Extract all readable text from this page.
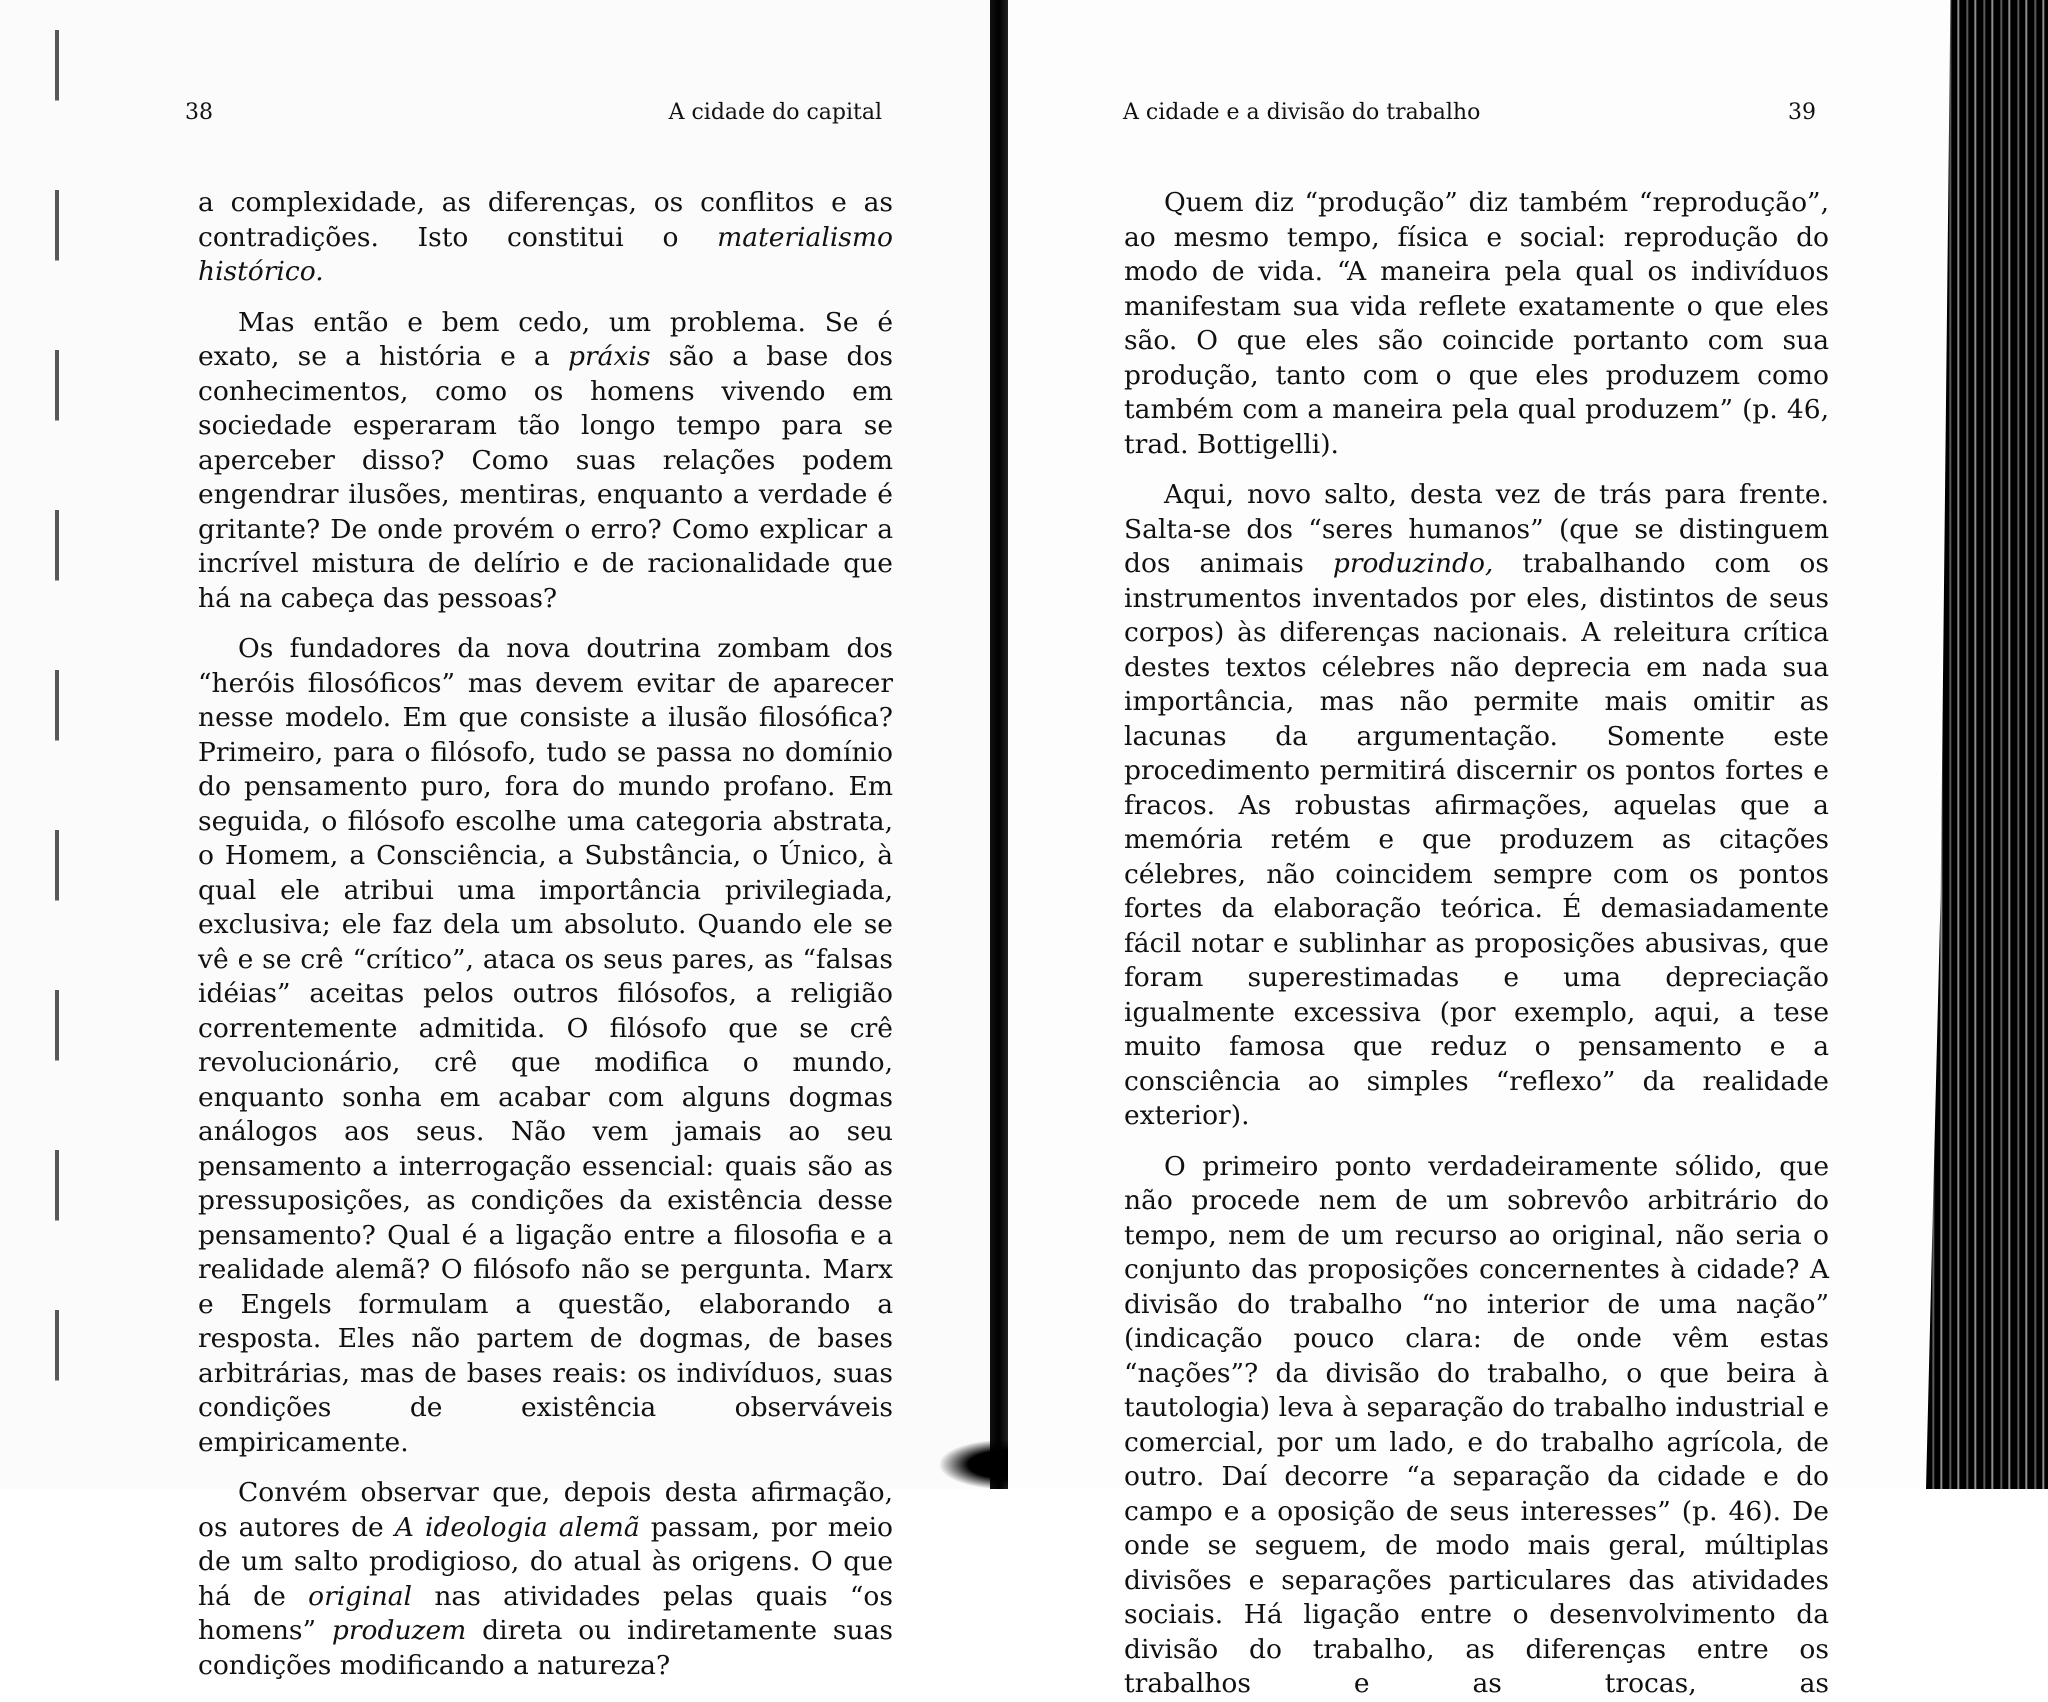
38	A cidade do capital

a complexidade, as diferenças, os conflitos e as contradições. Isto constitui o materialismo histórico.

Mas então e bem cedo, um problema. Se é exato, se a história e a práxis são a base dos conhecimentos, como os homens vivendo em sociedade esperaram tão longo tempo para se aperceber disso? Como suas relações podem engendrar ilusões, mentiras, enquanto a verdade é gritante? De onde provém o erro? Como explicar a incrível mistura de delírio e de racionalidade que há na cabeça das pessoas?

Os fundadores da nova doutrina zombam dos “heróis filosóficos” mas devem evitar de aparecer nesse modelo. Em que consiste a ilusão filosófica? Primeiro, para o filósofo, tudo se passa no domínio do pensamento puro, fora do mundo profano. Em seguida, o filósofo escolhe uma categoria abstrata, o Homem, a Consciência, a Substância, o Único, à qual ele atribui uma importância privilegiada, exclusiva; ele faz dela um absoluto. Quando ele se vê e se crê “crítico”, ataca os seus pares, as “falsas idéias” aceitas pelos outros filósofos, a religião correntemente admitida. O filósofo que se crê revolucionário, crê que modifica o mundo, enquanto sonha em acabar com alguns dogmas análogos aos seus. Não vem jamais ao seu pensamento a interrogação essencial: quais são as pressuposições, as condições da existência desse pensamento? Qual é a ligação entre a filosofia e a realidade alemã? O filósofo não se pergunta. Marx e Engels formulam a questão, elaborando a resposta. Eles não partem de dogmas, de bases arbitrárias, mas de bases reais: os indivíduos, suas condições de existência observáveis empiricamente.

Convém observar que, depois desta afirmação, os autores de A ideologia alemã passam, por meio de um salto prodigioso, do atual às origens. O que há de original nas atividades pelas quais “os homens” produzem direta ou indiretamente suas condições modificando a natureza?

A cidade e a divisão do trabalho	39

Quem diz “produção” diz também “reprodução”, ao mesmo tempo, física e social: reprodução do modo de vida. “A maneira pela qual os indivíduos manifestam sua vida reflete exatamente o que eles são. O que eles são coincide portanto com sua produção, tanto com o que eles produzem como também com a maneira pela qual produzem” (p. 46, trad. Bottigelli).

Aqui, novo salto, desta vez de trás para frente. Salta-se dos “seres humanos” (que se distinguem dos animais produzindo, trabalhando com os instrumentos inventados por eles, distintos de seus corpos) às diferenças nacionais. A releitura crítica destes textos célebres não deprecia em nada sua importância, mas não permite mais omitir as lacunas da argumentação. Somente este procedimento permitirá discernir os pontos fortes e fracos. As robustas afirmações, aquelas que a memória retém e que produzem as citações célebres, não coincidem sempre com os pontos fortes da elaboração teórica. É demasiadamente fácil notar e sublinhar as proposições abusivas, que foram superestimadas e uma depreciação igualmente excessiva (por exemplo, aqui, a tese muito famosa que reduz o pensamento e a consciência ao simples “reflexo” da realidade exterior).

O primeiro ponto verdadeiramente sólido, que não procede nem de um sobrevôo arbitrário do tempo, nem de um recurso ao original, não seria o conjunto das proposições concernentes à cidade? A divisão do trabalho “no interior de uma nação” (indicação pouco clara: de onde vêm estas “nações”? da divisão do trabalho, o que beira à tautologia) leva à separação do trabalho industrial e comercial, por um lado, e do trabalho agrícola, de outro. Daí decorre “a separação da cidade e do campo e a oposição de seus interesses” (p. 46). De onde se seguem, de modo mais geral, múltiplas divisões e separações particulares das atividades sociais. Há ligação entre o desenvolvimento da divisão do trabalho, as diferenças entre os trabalhos e as trocas, as
